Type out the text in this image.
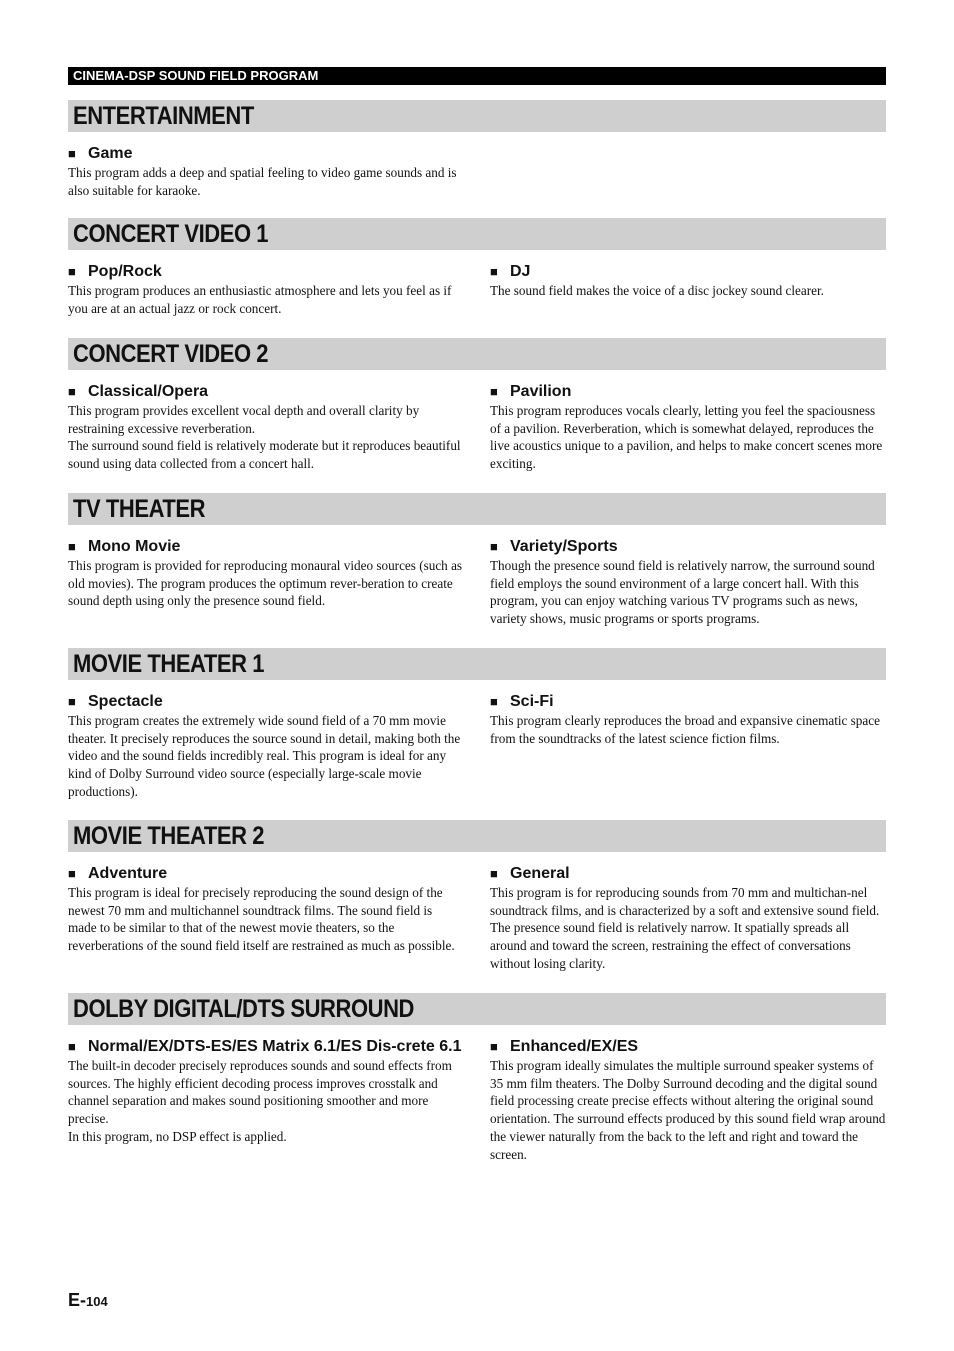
CINEMA-DSP SOUND FIELD PROGRAM
ENTERTAINMENT
■ Game

This program adds a deep and spatial feeling to video game sounds and is also suitable for karaoke.

CONCERT VIDEO 1
■ Pop/Rock

This program produces an enthusiastic atmosphere and lets you feel as if you are at an actual jazz or rock concert.

■ DJ

The sound field makes the voice of a disc jockey sound clearer.

CONCERT VIDEO 2
■ Classical/Opera

This program provides excellent vocal depth and overall clarity by restraining excessive reverberation.

The surround sound field is relatively moderate but it reproduces beautiful sound using data collected from a concert hall.

■ Pavilion

This program reproduces vocals clearly, letting you feel the spaciousness of a pavilion. Reverberation, which is somewhat delayed, reproduces the live acoustics unique to a pavilion, and helps to make concert scenes more exciting.

TV THEATER
■ Mono Movie

This program is provided for reproducing monaural video sources (such as old movies). The program produces the optimum rever-beration to create sound depth using only the presence sound field.

■ Variety/Sports

Though the presence sound field is relatively narrow, the surround sound field employs the sound environment of a large concert hall. With this program, you can enjoy watching various TV programs such as news, variety shows, music programs or sports programs.

MOVIE THEATER 1
■ Spectacle

This program creates the extremely wide sound field of a 70 mm movie theater. It precisely reproduces the source sound in detail, making both the video and the sound fields incredibly real. This program is ideal for any kind of Dolby Surround video source (especially large-scale movie productions).

■ Sci-Fi

This program clearly reproduces the broad and expansive cinematic space from the soundtracks of the latest science fiction films.

MOVIE THEATER 2
■ Adventure

This program is ideal for precisely reproducing the sound design of the newest 70 mm and multichannel soundtrack films. The sound field is made to be similar to that of the newest movie theaters, so the reverberations of the sound field itself are restrained as much as possible.

■ General

This program is for reproducing sounds from 70 mm and multichan-nel soundtrack films, and is characterized by a soft and extensive sound field. The presence sound field is relatively narrow. It spatially spreads all around and toward the screen, restraining the effect of conversations without losing clarity.

DOLBY DIGITAL/DTS SURROUND
■ Normal/EX/DTS-ES/ES Matrix 6.1/ES Dis-crete 6.1

The built-in decoder precisely reproduces sounds and sound effects from sources. The highly efficient decoding process improves crosstalk and channel separation and makes sound positioning smoother and more precise.

In this program, no DSP effect is applied.

■ Enhanced/EX/ES

This program ideally simulates the multiple surround speaker systems of 35 mm film theaters. The Dolby Surround decoding and the digital sound field processing create precise effects without altering the original sound orientation. The surround effects produced by this sound field wrap around the viewer naturally from the back to the left and right and toward the screen.

E-104
